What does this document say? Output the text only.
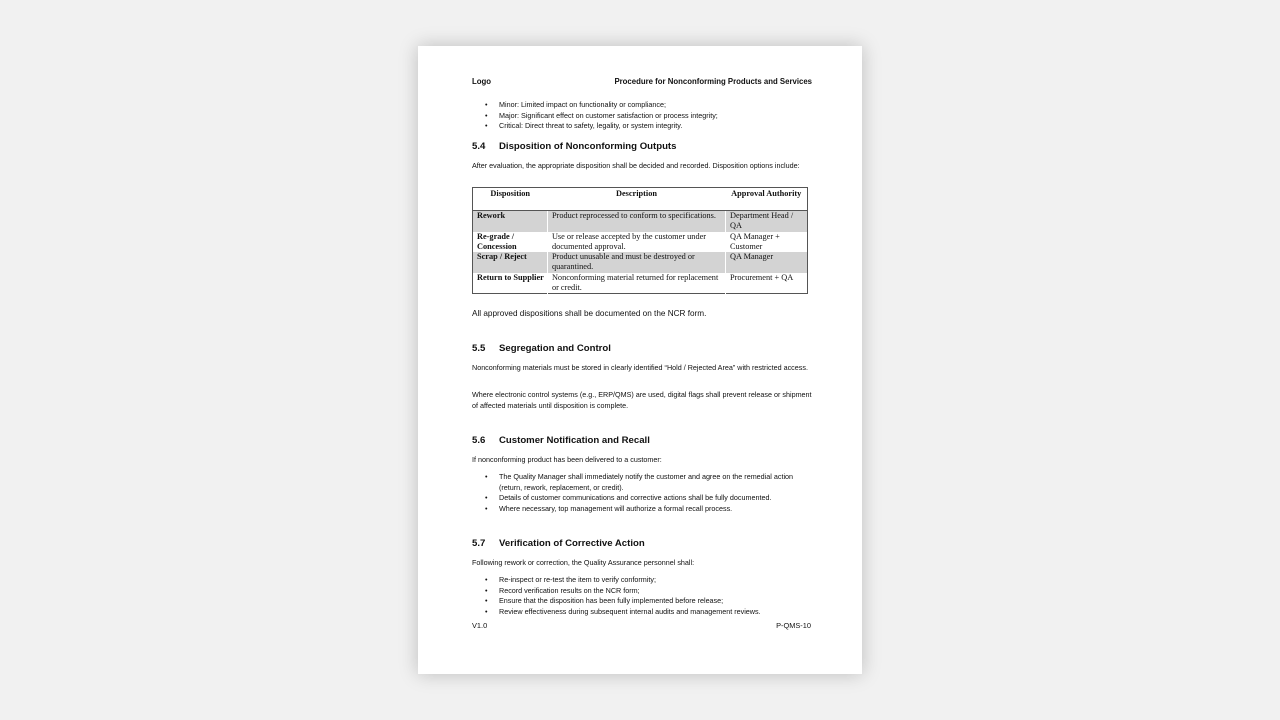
Logo	Procedure for Nonconforming Products and Services
• Minor: Limited impact on functionality or compliance;
• Major: Significant effect on customer satisfaction or process integrity;
• Critical: Direct threat to safety, legality, or system integrity.
5.4 Disposition of Nonconforming Outputs
After evaluation, the appropriate disposition shall be decided and recorded. Disposition options include:
Disposition	Description	Approval Authority
Rework	Product reprocessed to conform to specifications.	Department Head / QA
Re-grade / Concession	Use or release accepted by the customer under documented approval.	QA Manager + Customer
Scrap / Reject	Product unusable and must be destroyed or quarantined.	QA Manager
Return to Supplier	Nonconforming material returned for replacement or credit.	Procurement + QA
All approved dispositions shall be documented on the NCR form.
5.5 Segregation and Control
Nonconforming materials must be stored in clearly identified “Hold / Rejected Area” with restricted access.
Where electronic control systems (e.g., ERP/QMS) are used, digital flags shall prevent release or shipment of affected materials until disposition is complete.
5.6 Customer Notification and Recall
If nonconforming product has been delivered to a customer:
• The Quality Manager shall immediately notify the customer and agree on the remedial action (return, rework, replacement, or credit).
• Details of customer communications and corrective actions shall be fully documented.
• Where necessary, top management will authorize a formal recall process.
5.7 Verification of Corrective Action
Following rework or correction, the Quality Assurance personnel shall:
• Re-inspect or re-test the item to verify conformity;
• Record verification results on the NCR form;
• Ensure that the disposition has been fully implemented before release;
• Review effectiveness during subsequent internal audits and management reviews.
V1.0	P-QMS-10
